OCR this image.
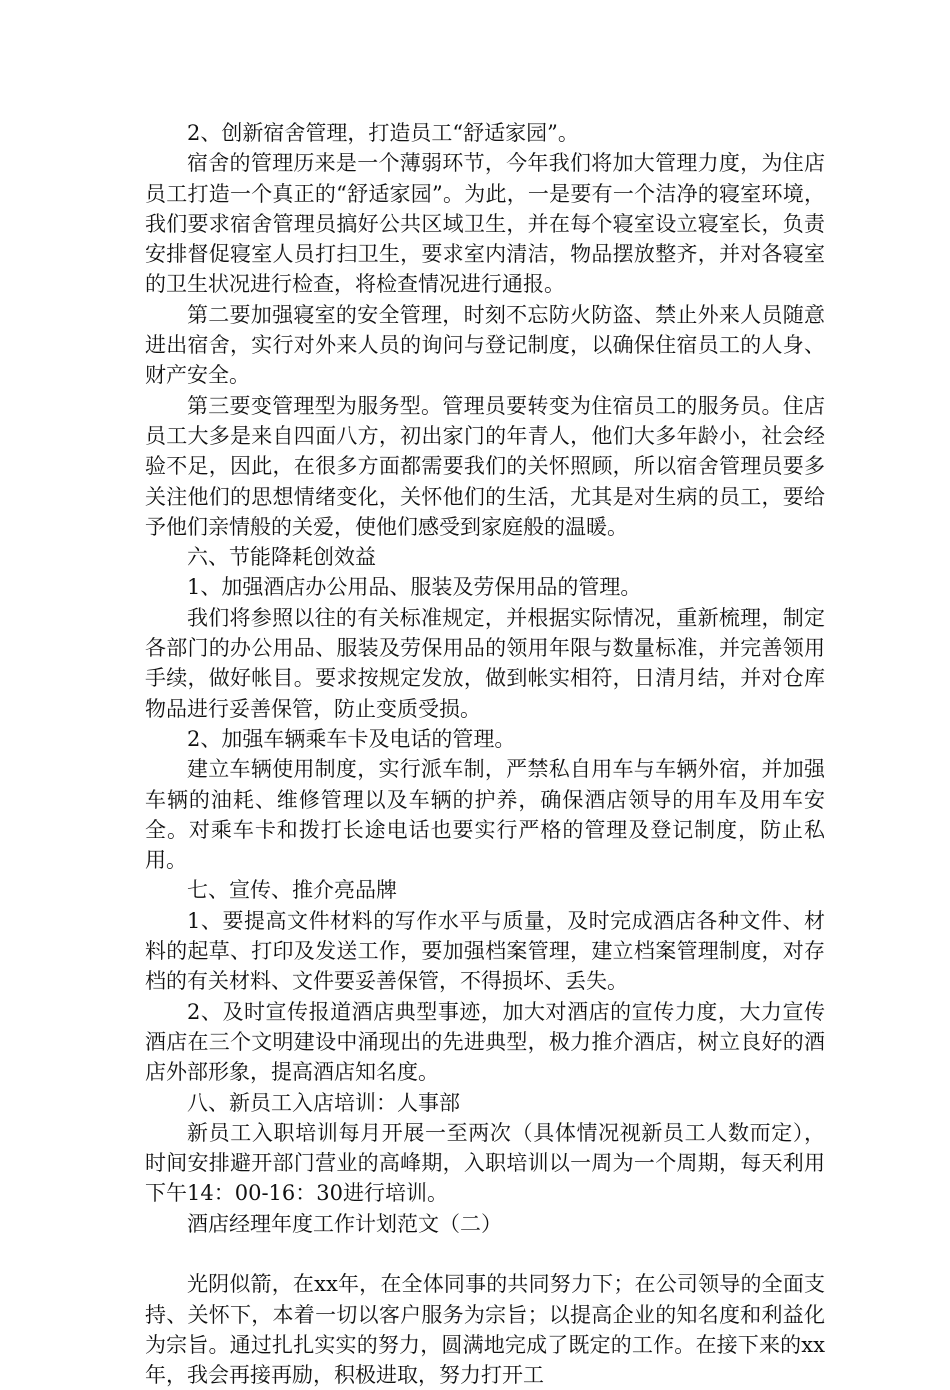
2、创新宿舍管理，打造员工“舒适家园”。

宿舍的管理历来是一个薄弱环节，今年我们将加大管理力度，为住店员工打造一个真正的“舒适家园”。为此，一是要有一个洁净的寝室环境，我们要求宿舍管理员搞好公共区域卫生，并在每个寝室设立寝室长，负责安排督促寝室人员打扫卫生，要求室内清洁，物品摆放整齐，并对各寝室的卫生状况进行检查，将检查情况进行通报。

第二要加强寝室的安全管理，时刻不忘防火防盗、禁止外来人员随意进出宿舍，实行对外来人员的询问与登记制度，以确保住宿员工的人身、财产安全。

第三要变管理型为服务型。管理员要转变为住宿员工的服务员。住店员工大多是来自四面八方，初出家门的年青人，他们大多年龄小，社会经验不足，因此，在很多方面都需要我们的关怀照顾，所以宿舍管理员要多关注他们的思想情绪变化，关怀他们的生活，尤其是对生病的员工，要给予他们亲情般的关爱，使他们感受到家庭般的温暖。

六、节能降耗创效益

1、加强酒店办公用品、服装及劳保用品的管理。

我们将参照以往的有关标准规定，并根据实际情况，重新梳理，制定各部门的办公用品、服装及劳保用品的领用年限与数量标准，并完善领用手续，做好帐目。要求按规定发放，做到帐实相符，日清月结，并对仓库物品进行妥善保管，防止变质受损。

2、加强车辆乘车卡及电话的管理。

建立车辆使用制度，实行派车制，严禁私自用车与车辆外宿，并加强车辆的油耗、维修管理以及车辆的护养，确保酒店领导的用车及用车安全。对乘车卡和拨打长途电话也要实行严格的管理及登记制度，防止私用。

七、宣传、推介亮品牌

1、要提高文件材料的写作水平与质量，及时完成酒店各种文件、材料的起草、打印及发送工作，要加强档案管理，建立档案管理制度，对存档的有关材料、文件要妥善保管，不得损坏、丢失。

2、及时宣传报道酒店典型事迹，加大对酒店的宣传力度，大力宣传酒店在三个文明建设中涌现出的先进典型，极力推介酒店，树立良好的酒店外部形象，提高酒店知名度。

八、新员工入店培训：人事部

新员工入职培训每月开展一至两次（具体情况视新员工人数而定），时间安排避开部门营业的高峰期，入职培训以一周为一个周期，每天利用下午14：00-16：30进行培训。

酒店经理年度工作计划范文（二）

光阴似箭，在xx年，在全体同事的共同努力下；在公司领导的全面支持、关怀下，本着一切以客户服务为宗旨；以提高企业的知名度和利益化为宗旨。通过扎扎实实的努力，圆满地完成了既定的工作。在接下来的xx年，我会再接再励，积极进取，努力打开工
